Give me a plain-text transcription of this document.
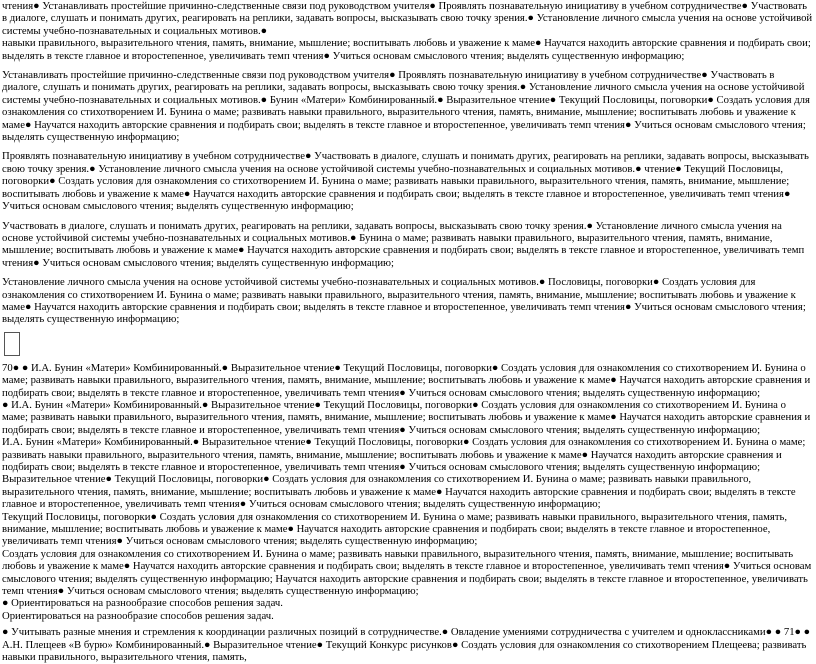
чтения● Устанавливать простейшие причинно-следственные связи под руководством учителя● Проявлять познавательную инициативу в учебном сотрудничестве● Участвовать в диалоге, слушать и понимать других, реагировать на реплики, задавать вопросы, высказывать свою точку зрения.● Установление личного смысла учения на основе устойчивой системы учебно-познавательных и социальных мотивов.●

навыки правильного, выразительного чтения, память, внимание, мышление; воспитывать любовь и уважение к маме● Научатся находить авторские сравнения и подбирать свои; выделять в тексте главное и второстепенное, увеличивать темп чтения● Учиться основам смыслового чтения; выделять существенную информацию;

Устанавливать простейшие причинно-следственные связи под руководством учителя● Проявлять познавательную инициативу в учебном сотрудничестве● Участвовать в диалоге, слушать и понимать других, реагировать на реплики, задавать вопросы, высказывать свою точку зрения.● Установление личного смысла учения на основе устойчивой системы учебно-познавательных и социальных мотивов.● Бунин «Матери» Комбинированный.● Выразительное чтение● Текущий Пословицы, поговорки● Создать условия для ознакомления со стихотворением И. Бунина о маме; развивать навыки правильного, выразительного чтения, память, внимание, мышление; воспитывать любовь и уважение к маме● Научатся находить авторские сравнения и подбирать свои; выделять в тексте главное и второстепенное, увеличивать темп чтения● Учиться основам смыслового чтения; выделять существенную информацию;

Проявлять познавательную инициативу в учебном сотрудничестве● Участвовать в диалоге, слушать и понимать других, реагировать на реплики, задавать вопросы, высказывать свою точку зрения.● Установление личного смысла учения на основе устойчивой системы учебно-познавательных и социальных мотивов.● чтение● Текущий Пословицы, поговорки● Создать условия для ознакомления со стихотворением И. Бунина о маме; развивать навыки правильного, выразительного чтения, память, внимание, мышление; воспитывать любовь и уважение к маме● Научатся находить авторские сравнения и подбирать свои; выделять в тексте главное и второстепенное, увеличивать темп чтения● Учиться основам смыслового чтения; выделять существенную информацию;

Участвовать в диалоге, слушать и понимать других, реагировать на реплики, задавать вопросы, высказывать свою точку зрения.● Установление личного смысла учения на основе устойчивой системы учебно-познавательных и социальных мотивов.● Бунина о маме; развивать навыки правильного, выразительного чтения, память, внимание, мышление; воспитывать любовь и уважение к маме● Научатся находить авторские сравнения и подбирать свои; выделять в тексте главное и второстепенное, увеличивать темп чтения● Учиться основам смыслового чтения; выделять существенную информацию;

Установление личного смысла учения на основе устойчивой системы учебно-познавательных и социальных мотивов.● Пословицы, поговорки● Создать условия для ознакомления со стихотворением И. Бунина о маме; развивать навыки правильного, выразительного чтения, память, внимание, мышление; воспитывать любовь и уважение к маме● Научатся находить авторские сравнения и подбирать свои; выделять в тексте главное и второстепенное, увеличивать темп чтения● Учиться основам смыслового чтения; выделять существенную информацию;

70● ● И.А. Бунин «Матери» Комбинированный.● Выразительное чтение● Текущий Пословицы, поговорки● Создать условия для ознакомления со стихотворением И. Бунина о маме; развивать навыки правильного, выразительного чтения, память, внимание, мышление; воспитывать любовь и уважение к маме● Научатся находить авторские сравнения и подбирать свои; выделять в тексте главное и второстепенное, увеличивать темп чтения● Учиться основам смыслового чтения; выделять существенную информацию;

● И.А. Бунин «Матери» Комбинированный.● Выразительное чтение● Текущий Пословицы, поговорки● Создать условия для ознакомления со стихотворением И. Бунина о маме; развивать навыки правильного, выразительного чтения, память, внимание, мышление; воспитывать любовь и уважение к маме● Научатся находить авторские сравнения и подбирать свои; выделять в тексте главное и второстепенное, увеличивать темп чтения● Учиться основам смыслового чтения; выделять существенную информацию;

И.А. Бунин «Матери» Комбинированный.● Выразительное чтение● Текущий Пословицы, поговорки● Создать условия для ознакомления со стихотворением И. Бунина о маме; развивать навыки правильного, выразительного чтения, память, внимание, мышление; воспитывать любовь и уважение к маме● Научатся находить авторские сравнения и подбирать свои; выделять в тексте главное и второстепенное, увеличивать темп чтения● Учиться основам смыслового чтения; выделять существенную информацию;

Выразительное чтение● Текущий Пословицы, поговорки● Создать условия для ознакомления со стихотворением И. Бунина о маме; развивать навыки правильного, выразительного чтения, память, внимание, мышление; воспитывать любовь и уважение к маме● Научатся находить авторские сравнения и подбирать свои; выделять в тексте главное и второстепенное, увеличивать темп чтения● Учиться основам смыслового чтения; выделять существенную информацию;

Текущий Пословицы, поговорки● Создать условия для ознакомления со стихотворением И. Бунина о маме; развивать навыки правильного, выразительного чтения, память, внимание, мышление; воспитывать любовь и уважение к маме● Научатся находить авторские сравнения и подбирать свои; выделять в тексте главное и второстепенное, увеличивать темп чтения● Учиться основам смыслового чтения; выделять существенную информацию;

Создать условия для ознакомления со стихотворением И. Бунина о маме; развивать навыки правильного, выразительного чтения, память, внимание, мышление; воспитывать любовь и уважение к маме● Научатся находить авторские сравнения и подбирать свои; выделять в тексте главное и второстепенное, увеличивать темп чтения● Учиться основам смыслового чтения; выделять существенную информацию; Научатся находить авторские сравнения и подбирать свои; выделять в тексте главное и второстепенное, увеличивать темп чтения● Учиться основам смыслового чтения; выделять существенную информацию;

● Ориентироваться на разнообразие способов решения задач.

Ориентироваться на разнообразие способов решения задач.

● Учитывать разные мнения и стремления к координации различных позиций в сотрудничестве.● Овладение умениями сотрудничества с учителем и одноклассниками● ● 71● ● А.Н. Плещеев «В бурю» Комбинированный.● Выразительное чтение● Текущий Конкурс рисунков● Создать условия для ознакомления со стихотворением Плещеева; развивать навыки правильного, выразительного чтения, память,
